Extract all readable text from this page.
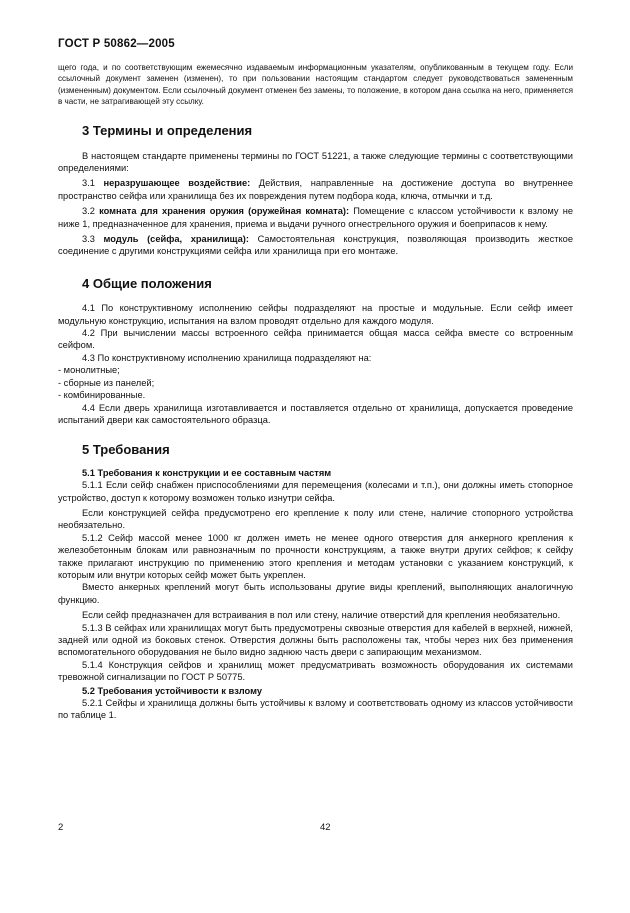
ГОСТ Р 50862—2005

щего года, и по соответствующим ежемесячно издаваемым информационным указателям, опубликованным в текущем году. Если ссылочный документ заменен (изменен), то при пользовании настоящим стандартом следует руководствоваться замененным (измененным) документом. Если ссылочный документ отменен без замены, то положение, в котором дана ссылка на него, применяется в части, не затрагивающей эту ссылку.

3 Термины и определения

В настоящем стандарте применены термины по ГОСТ 51221, а также следующие термины с соответствующими определениями:

3.1 неразрушающее воздействие: Действия, направленные на достижение доступа во внутреннее пространство сейфа или хранилища без их повреждения путем подбора кода, ключа, отмычки и т.д.

3.2 комната для хранения оружия (оружейная комната): Помещение с классом устойчивости к взлому не ниже 1, предназначенное для хранения, приема и выдачи ручного огнестрельного оружия и боеприпасов к нему.

3.3 модуль (сейфа, хранилища): Самостоятельная конструкция, позволяющая производить жесткое соединение с другими конструкциями сейфа или хранилища при его монтаже.

4 Общие положения

4.1 По конструктивному исполнению сейфы подразделяют на простые и модульные. Если сейф имеет модульную конструкцию, испытания на взлом проводят отдельно для каждого модуля.

4.2 При вычислении массы встроенного сейфа принимается общая масса сейфа вместе со встроенным сейфом.

4.3 По конструктивному исполнению хранилища подразделяют на:

- монолитные;

- сборные из панелей;

- комбинированные.

4.4 Если дверь хранилища изготавливается и поставляется отдельно от хранилища, допускается проведение испытаний двери как самостоятельного образца.

5 Требования
5.1 Требования к конструкции и ее составным частям

5.1.1 Если сейф снабжен приспособлениями для перемещения (колесами и т.п.), они должны иметь стопорное устройство, доступ к которому возможен только изнутри сейфа.

Если конструкцией сейфа предусмотрено его крепление к полу или стене, наличие стопорного устройства необязательно.

5.1.2 Сейф массой менее 1000 кг должен иметь не менее одного отверстия для анкерного крепления к железобетонным блокам или равнозначным по прочности конструкциям, а также внутри других сейфов; к сейфу также прилагают инструкцию по применению этого крепления и методам установки с указанием конструкций, к которым или внутри которых сейф может быть укреплен.

Вместо анкерных креплений могут быть использованы другие виды креплений, выполняющих аналогичную функцию.

Если сейф предназначен для встраивания в пол или стену, наличие отверстий для крепления необязательно.

5.1.3 В сейфах или хранилищах могут быть предусмотрены сквозные отверстия для кабелей в верхней, нижней, задней или одной из боковых стенок. Отверстия должны быть расположены так, чтобы через них без применения вспомогательного оборудования не было видно заднюю часть двери с запирающим механизмом.

5.1.4 Конструкция сейфов и хранилищ может предусматривать возможность оборудования их системами тревожной сигнализации по ГОСТ Р 50775.

5.2 Требования устойчивости к взлому

5.2.1 Сейфы и хранилища должны быть устойчивы к взлому и соответствовать одному из классов устойчивости по таблице 1.

2	42
